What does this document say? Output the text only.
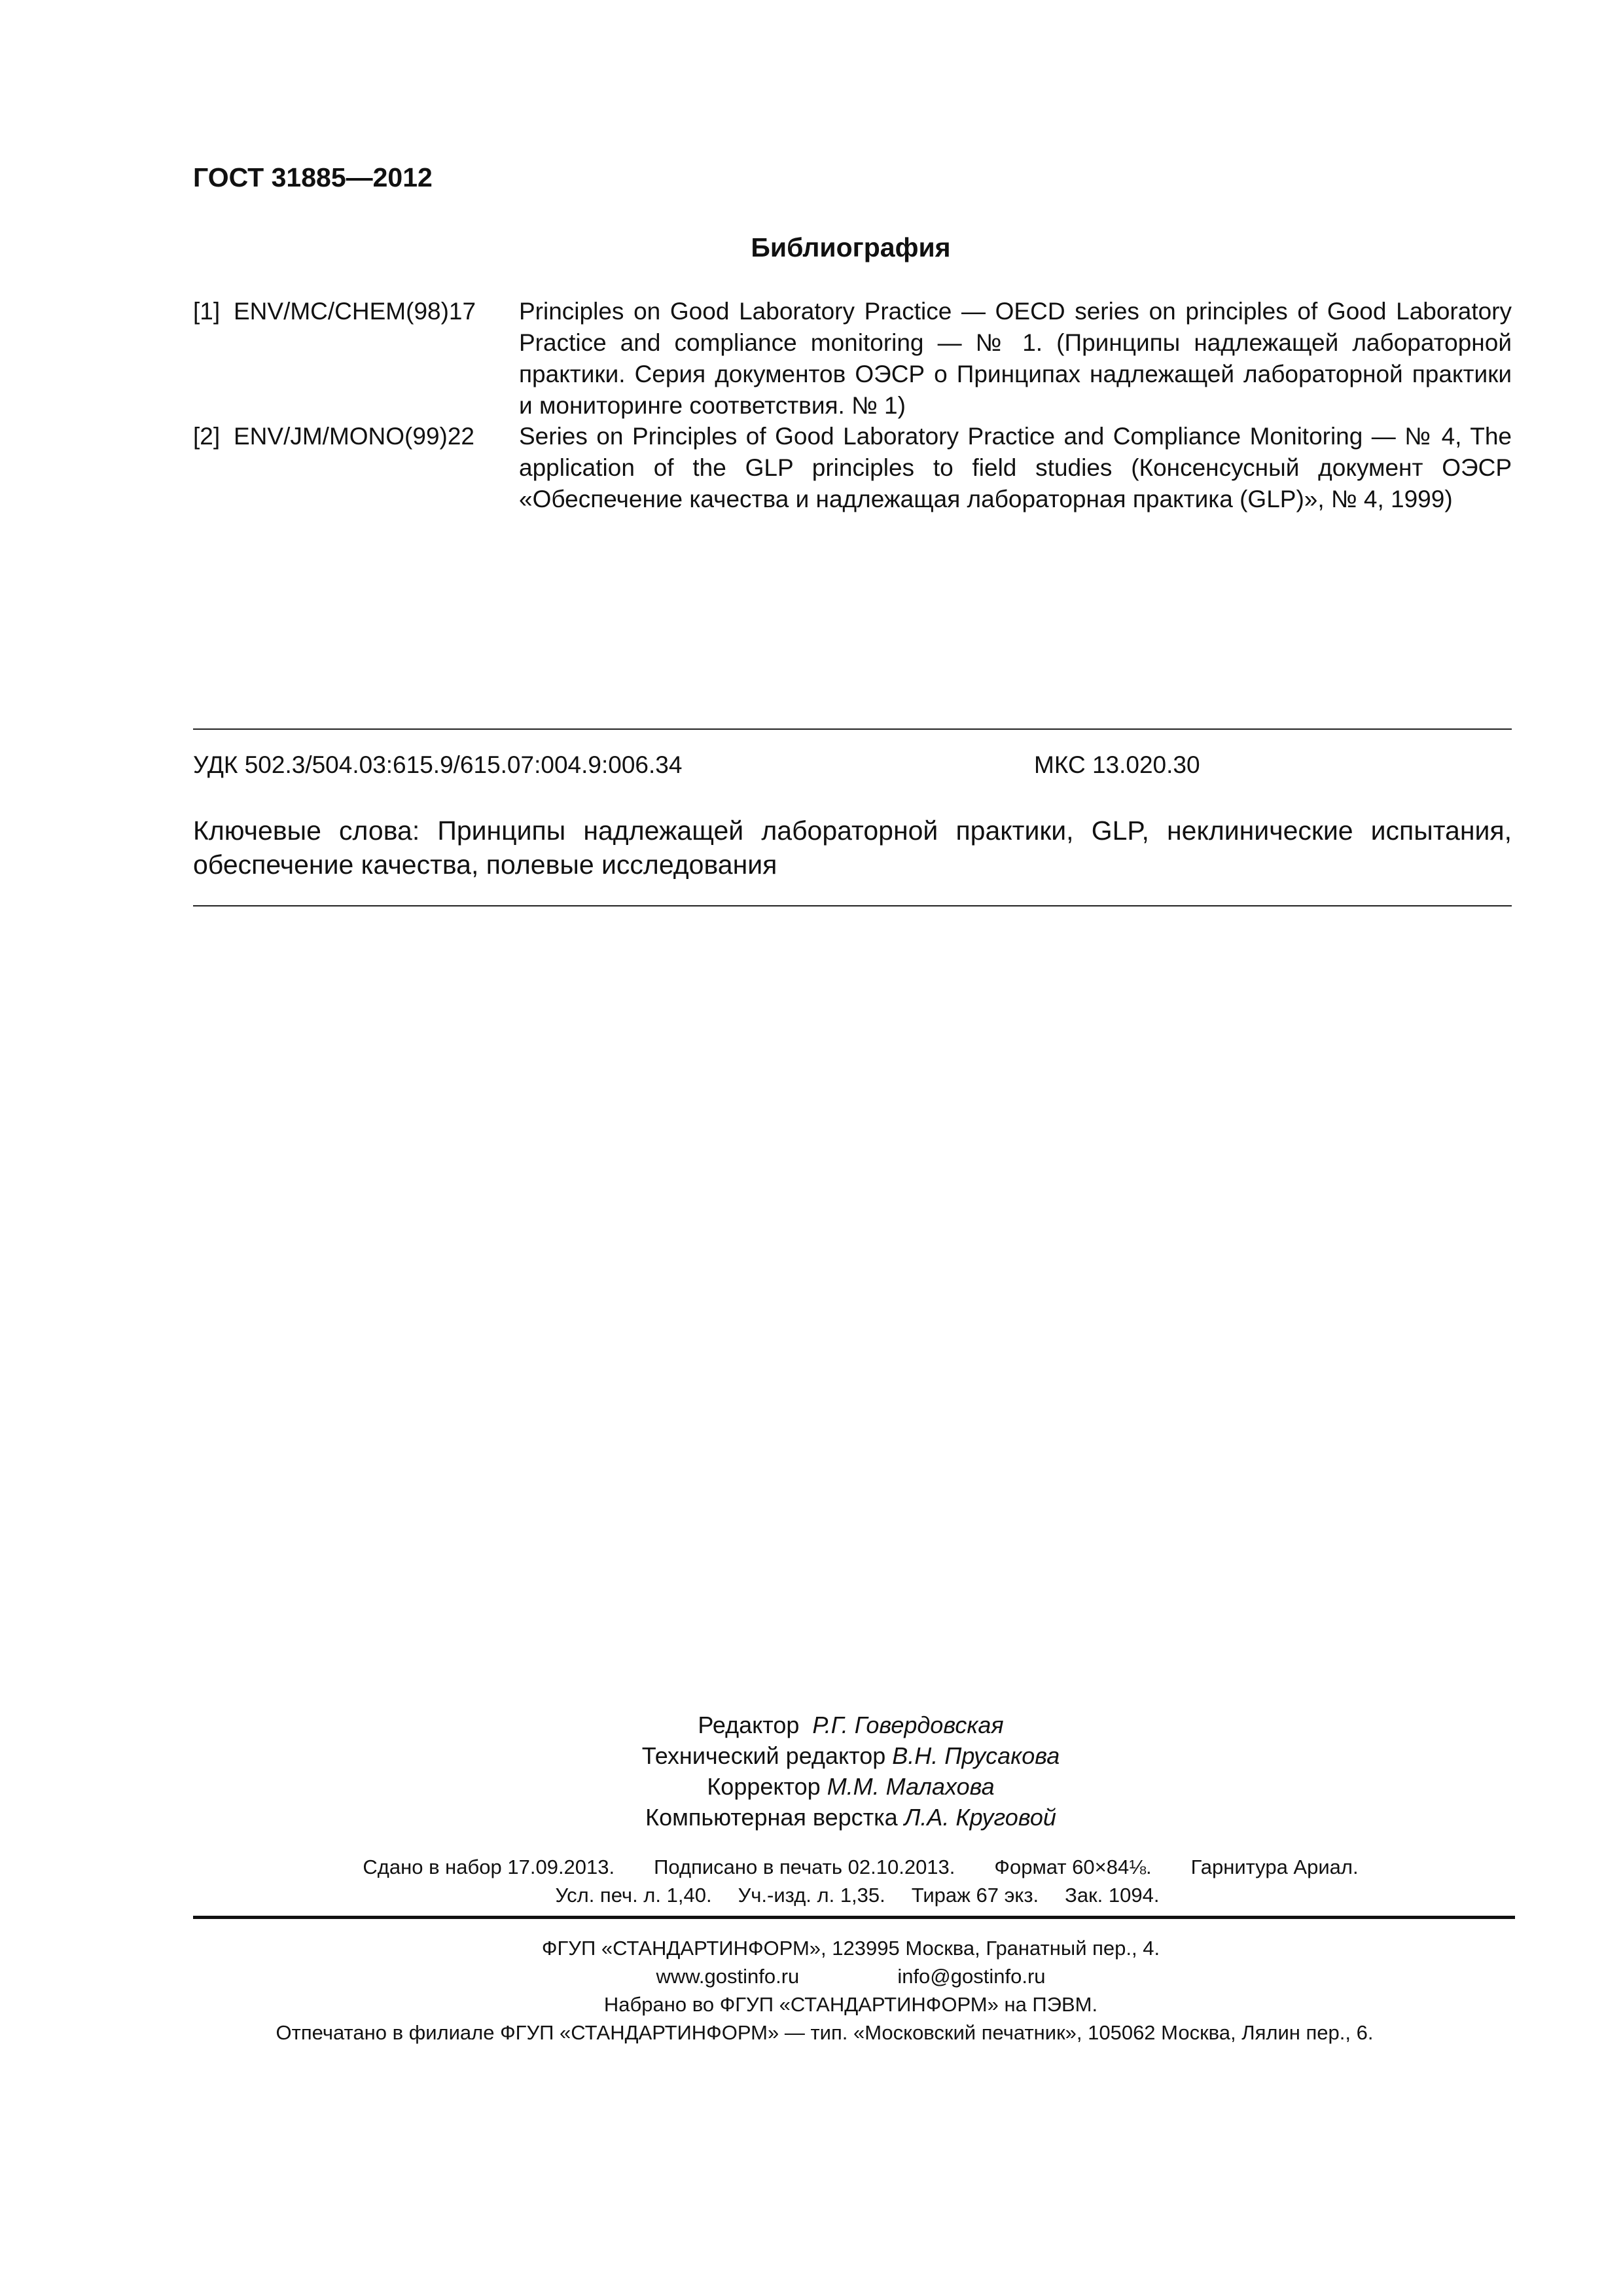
ГОСТ 31885—2012
Библиография
[1] ENV/MC/CHEM(98)17 Principles on Good Laboratory Practice — OECD series on principles of Good Laboratory Practice and compliance monitoring — № 1. (Принципы надлежащей лабораторной практики. Серия документов ОЭСР о Принципах надлежащей лабораторной практики и мониторинге соответствия. № 1)
[2] ENV/JM/MONO(99)22 Series on Principles of Good Laboratory Practice and Compliance Monitoring — № 4, The application of the GLP principles to field studies (Консенсусный документ ОЭСР «Обеспечение качества и надлежащая лабораторная практика (GLP)», № 4, 1999)
УДК 502.3/504.03:615.9/615.07:004.9:006.34	МКС 13.020.30
Ключевые слова: Принципы надлежащей лабораторной практики, GLP, неклинические испытания, обеспечение качества, полевые исследования
Редактор Р.Г. Говердовская
Технический редактор В.Н. Прусакова
Корректор М.М. Малахова
Компьютерная верстка Л.А. Круговой
Сдано в набор 17.09.2013. Подписано в печать 02.10.2013. Формат 60×84⅛. Гарнитура Ариал.
Усл. печ. л. 1,40. Уч.-изд. л. 1,35. Тираж 67 экз. Зак. 1094.
ФГУП «СТАНДАРТИНФОРМ», 123995 Москва, Гранатный пер., 4.
www.gostinfo.ru	info@gostinfo.ru
Набрано во ФГУП «СТАНДАРТИНФОРМ» на ПЭВМ.
Отпечатано в филиале ФГУП «СТАНДАРТИНФОРМ» — тип. «Московский печатник», 105062 Москва, Лялин пер., 6.
